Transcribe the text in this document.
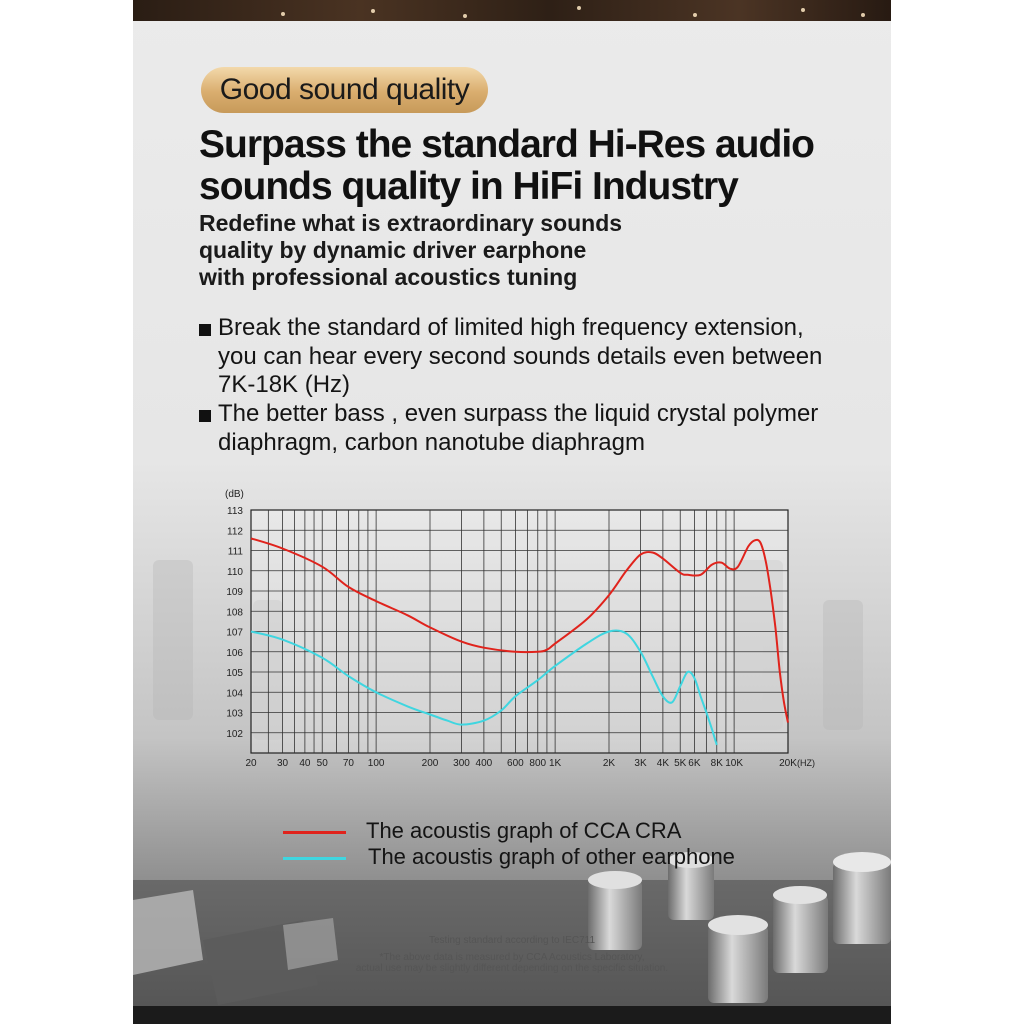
Good sound quality
Surpass the standard Hi-Res audio
sounds quality in HiFi Industry

Redefine what is extraordinary sounds
quality by dynamic driver earphone
with professional acoustics tuning

Break the standard of limited high frequency extension,
you can hear every second sounds details even between
7K-18K (Hz)
The better bass , even surpass the liquid crystal polymer
diaphragm, carbon nanotube diaphragm
113
112
111
110
109
108
107
106
105
104
103
102
(dB)
20 30 40 50 70 100	200 300 400 600 800 1K	2K 3K 4K 5K 6K 8K 10K	20K (HZ)
The acoustis graph of CCA CRA
The acoustis graph of other earphone
Testing standard according to IEC711
*The above data is measured by CCA Acoustics Laboratory,
actual use may be slightly different depending on the specific situation.
